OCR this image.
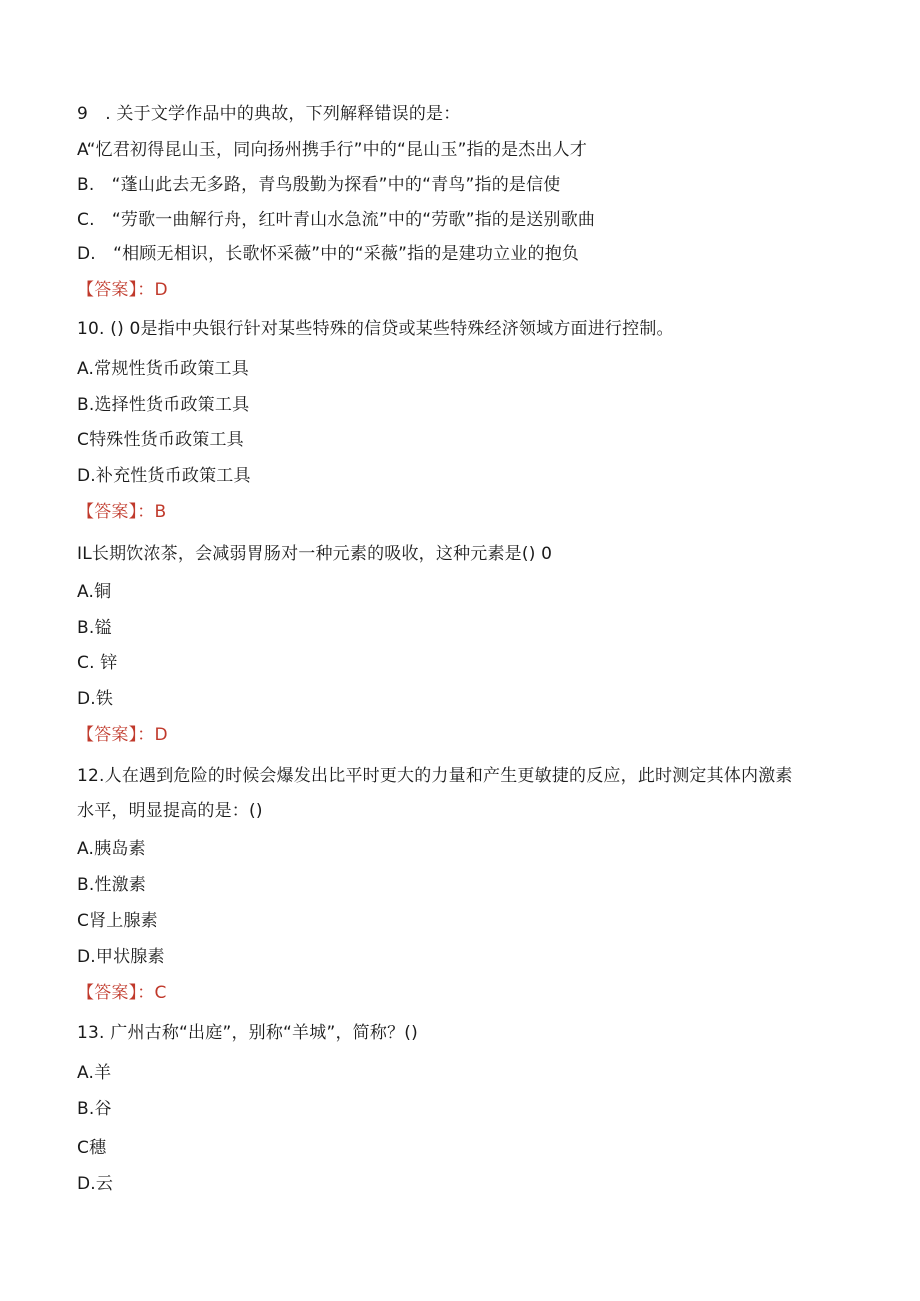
9　. 关于文学作品中的典故，下列解释错误的是：
A“忆君初得昆山玉，同向扬州携手行”中的“昆山玉”指的是杰出人才
B.　“蓬山此去无多路，青鸟殷勤为探看”中的“青鸟”指的是信使
C.　“劳歌一曲解行舟，红叶青山水急流”中的“劳歌”指的是送别歌曲
D.　“相顾无相识，长歌怀采薇”中的“采薇”指的是建功立业的抱负
【答案】：D
10. () 0是指中央银行针对某些特殊的信贷或某些特殊经济领域方面进行控制。
A.常规性货币政策工具
B.选择性货币政策工具
C特殊性货币政策工具
D.补充性货币政策工具
【答案】：B
IL长期饮浓茶，会减弱胃肠对一种元素的吸收，这种元素是() 0
A.铜
B.镒
C. 锌
D.铁
【答案】：D
12.人在遇到危险的时候会爆发出比平时更大的力量和产生更敏捷的反应，此时测定其体内激素
水平，明显提高的是：()
A.胰岛素
B.性激素
C肾上腺素
D.甲状腺素
【答案】：C
13. 广州古称“出庭”，别称“羊城”，简称？()
A.羊
B.谷
C穗
D.云
